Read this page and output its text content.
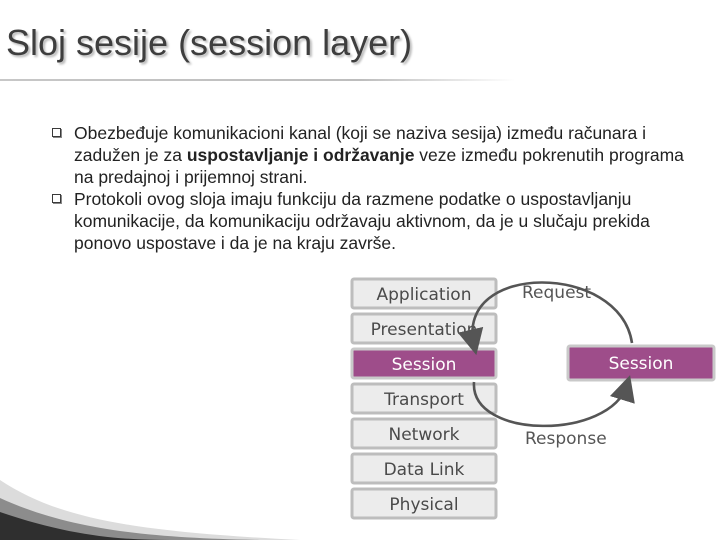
Sloj sesije (session layer)
Obezbeđuje komunikacioni kanal (koji se naziva sesija) između računara i zadužen je za uspostavljanje i održavanje veze između pokrenutih programa na predajnoj i prijemnoj strani.
Protokoli ovog sloja imaju funkciju da razmene podatke o uspostavljanju komunikacije, da komunikaciju održavaju aktivnom, da je u slučaju prekida ponovo uspostave i da je na kraju završe.
Application
Presentation
Session
Transport
Network
Data Link
Physical
Session
Request
Response
